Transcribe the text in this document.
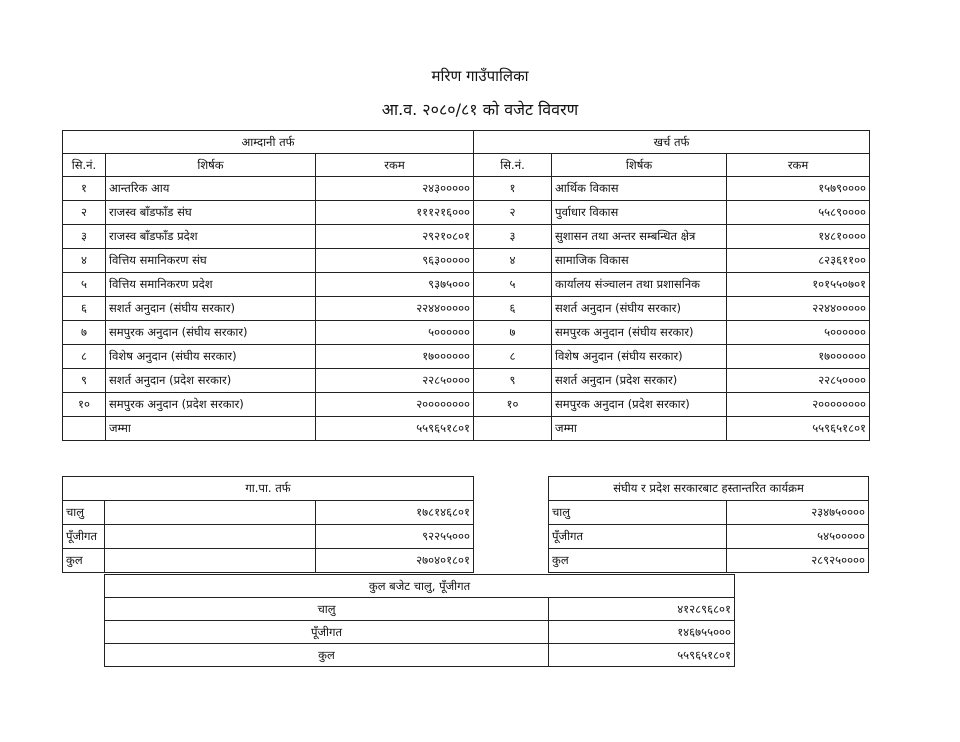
मरिण गाउँपालिका
आ.व. २०८०/८१ को वजेट विवरण
आम्दानी तर्फ			खर्च तर्फ		
सि.नं.	शिर्षक	रकम	सि.नं.	शिर्षक	रकम
१	आन्तरिक आय	२४३०००००	१	आर्थिक विकास	१५७९००००
२	राजस्व बाँडफाँड संघ	१११२१६०००	२	पुर्वाधार विकास	५५८९००००
३	राजस्व बाँडफाँड प्रदेश	२९२१०८०१	३	सुशासन तथा अन्तर सम्बन्धित क्षेत्र	१४८१००००
४	वित्तिय समानिकरण संघ	९६३०००००	४	सामाजिक विकास	८२३६११००
५	वित्तिय समानिकरण प्रदेश	९३७५०००	५	कार्यालय संञ्चालन तथा प्रशासनिक	१०१५५०७०१
६	सशर्त अनुदान (संघीय सरकार)	२२४४०००००	६	सशर्त अनुदान (संघीय सरकार)	२२४४०००००
७	समपुरक अनुदान (संघीय सरकार)	५००००००	७	समपुरक अनुदान (संघीय सरकार)	५००००००
८	विशेष अनुदान (संघीय सरकार)	१७००००००	८	विशेष अनुदान (संघीय सरकार)	१७००००००
९	सशर्त अनुदान (प्रदेश सरकार)	२२८५००००	९	सशर्त अनुदान (प्रदेश सरकार)	२२८५००००
१०	समपुरक अनुदान (प्रदेश सरकार)	२००००००००	१०	समपुरक अनुदान (प्रदेश सरकार)	२००००००००
	जम्मा	५५९६५१८०१		जम्मा	५५९६५१८०१
गा.पा. तर्फ		
चालु		१७८१४६८०१
पूँजीगत		९२२५५०००
कुल		२७०४०१८०१
संघीय र प्रदेश सरकारबाट हस्तान्तरित कार्यक्रम	
चालु	२३४७५००००
पूँजीगत	५४५०००००
कुल	२८९२५००००
कुल बजेट चालु, पूँजीगत	
चालु	४१२८९६८०१
पूँजीगत	१४६७५५०००
कुल	५५९६५१८०१
